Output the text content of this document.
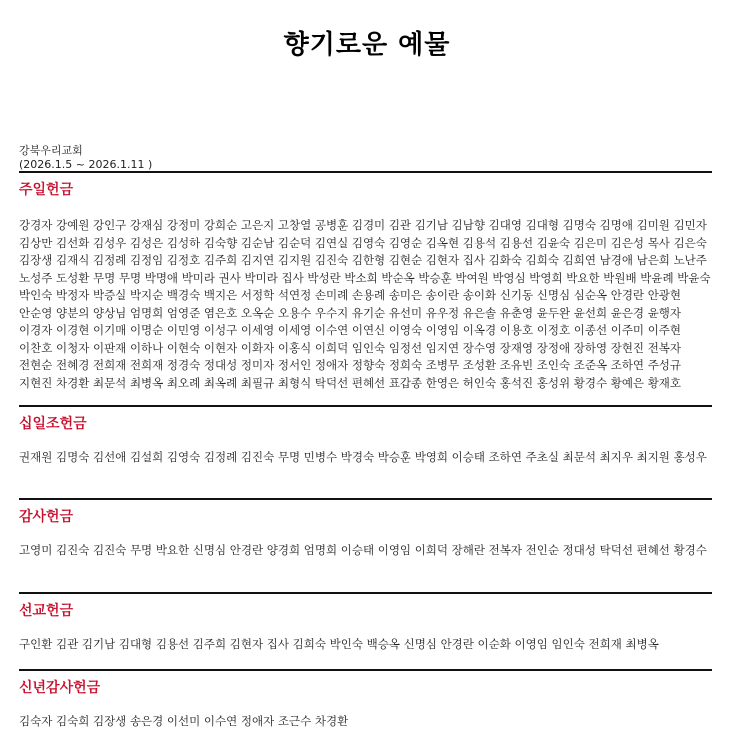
향기로운 예물
강북우리교회
(2026.1.5 ~ 2026.1.11 )
주일헌금
강경자 강예원 강인구 강재심 강정미 강희순 고은지 고창열 공병훈 김경미 김관 김기남 김남향 김대영 김대형 김명숙 김명애 김미원 김민자 김상만 김선화 김성우 김성은 김성하 김숙향 김순남 김순덕 김연실 김영숙 김영순 김옥현 김용석 김용선 김윤숙 김은미 김은성 목사 김은숙 김장생 김재식 김정례 김정임 김정호 김주희 김지연 김지원 김진숙 김한형 김현순 김현자 집사 김화숙 김희숙 김희연 남경애 남은희 노난주 노성주 도성환 무명 무명 박명애 박미라 권사 박미라 집사 박성란 박소희 박순옥 박승훈 박여원 박영심 박영희 박요한 박원배 박윤례 박윤숙 박인숙 박정자 박증실 박지순 백경숙 백지은 서정학 석연정 손미례 손용례 송미은 송이란 송이화 신기동 신명심 심순옥 안경란 안광현 안순영 양분의 양상님 엄명희 엄영준 염은호 오옥순 오용수 우수지 유기순 유선미 유우정 유은솔 유춘영 윤두완 윤선희 윤은경 윤행자 이경자 이경현 이기매 이명순 이민영 이성구 이세영 이세영 이수연 이연신 이영숙 이영임 이옥경 이용호 이정호 이종선 이주미 이주현 이찬호 이청자 이판재 이하나 이현숙 이현자 이화자 이홍식 이희덕 임인숙 임정선 임지연 장수영 장재영 장정애 장하영 장현진 전복자 전현순 전혜경 전희재 전희재 정경숙 정대성 정미자 정서인 정애자 정향숙 정희숙 조병무 조성환 조유빈 조인숙 조준옥 조하연 주성규 지현진 차경환 최문석 최병옥 최오례 최옥례 최필규 최형식 탁덕선 편혜선 표갑종 한영은 허인숙 홍석진 홍성위 황경수 황예은 황재호
십일조헌금
권재원 김명숙 김선애 김설희 김영숙 김정례 김진숙 무명 민병수 박경숙 박승훈 박영희 이승태 조하연 주초실 최문석 최지우 최지원 홍성우
감사헌금
고영미 김진숙 김진숙 무명 박요한 신명심 안경란 양경희 엄명희 이승태 이영임 이희덕 장해란 전복자 전인순 정대성 탁덕선 편혜선 황경수
선교헌금
구인환 김관 김기남 김대형 김용선 김주희 김현자 집사 김희숙 박인숙 백승옥 신명심 안경란 이순화 이영임 임인숙 전희재 최병옥
신년감사헌금
김숙자 김숙희 김장생 송은경 이선미 이수연 정애자 조근수 차경환
